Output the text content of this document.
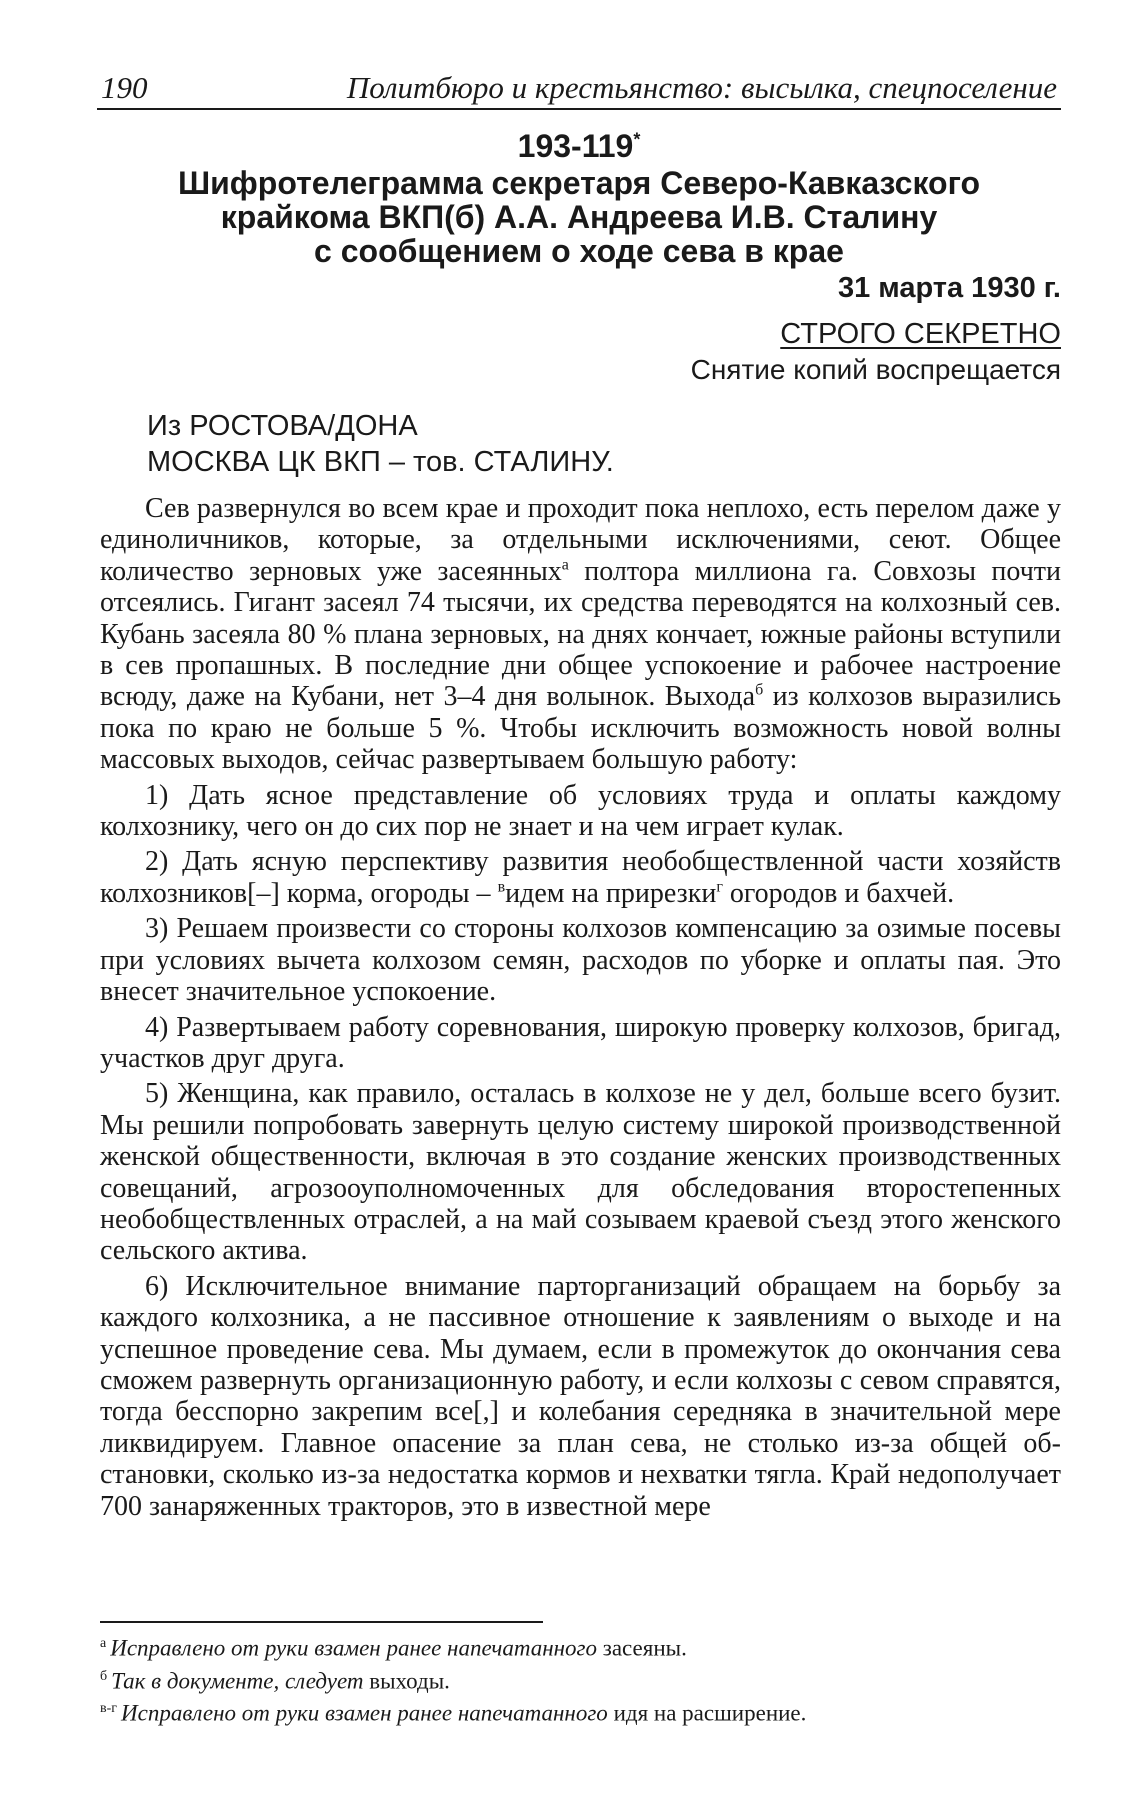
190	Политбюро и крестьянство: высылка, спецпоселение
193-119*
Шифротелеграмма секретаря Северо-Кавказского
крайкома ВКП(б) А.А. Андреева И.В. Сталину
с сообщением о ходе сева в крае
31 марта 1930 г.
СТРОГО СЕКРЕТНО
Снятие копий воспрещается
Из РОСТОВА/ДОНА
МОСКВА ЦК ВКП – тов. СТАЛИНУ.

Сев развернулся во всем крае и проходит пока неплохо, есть перелом даже у единоличников, которые, за отдельными исключениями, сеют. Общее количество зерновых уже засеянных$^а$ полтора миллиона га. Совхозы почти отсеялись. Гигант засеял 74 тысячи, их средства переводятся на колхозный сев. Кубань засеяла 80 % плана зерновых, на днях кончает, южные районы вступили в сев пропашных. В последние дни общее успокоение и рабочее настроение всюду, даже на Кубани, нет 3–4 дня волынок. Выхода$^б$ из колхозов выразились пока по краю не больше 5 %. Чтобы исключить возможность новой волны массовых выходов, сейчас развертываем большую работу:

1) Дать ясное представление об условиях труда и оплаты каждому колхознику, чего он до сих пор не знает и на чем играет кулак.

2) Дать ясную перспективу развития необобществленной части хозяйств колхозников[–] корма, огороды – $^в$идем на прирезки$^г$ огородов и бахчей.

3) Решаем произвести со стороны колхозов компенсацию за озимые посевы при условиях вычета колхозом семян, расходов по уборке и оплаты пая. Это внесет значительное успокоение.

4) Развертываем работу соревнования, широкую проверку колхозов, бригад, участков друг друга.

5) Женщина, как правило, осталась в колхозе не у дел, больше всего бузит. Мы решили попробовать завернуть целую систему широкой производственной женской общественности, включая в это создание женских производственных совещаний, агрозооуполномоченных для обследования второстепенных необобществленных отраслей, а на май созываем краевой съезд этого женского сельского актива.

6) Исключительное внимание парторганизаций обращаем на борьбу за каждого колхозника, а не пассивное отношение к заявлениям о выходе и на успешное проведение сева. Мы думаем, если в промежуток до окончания сева сможем развернуть организационную работу, и если колхозы с севом справятся, тогда бесспорно закрепим все[,] и колебания середняка в значительной мере ликвидируем. Главное опасение за план сева, не столько из-за общей обстановки, сколько из-за недостатка кормов и нехватки тягла. Край недополучает 700 занаряженных тракторов, это в известной мере

$^а$ Исправлено от руки взамен ранее напечатанного засеяны.
$^б$ Так в документе, следует выходы.
$^{в-г}$ Исправлено от руки взамен ранее напечатанного идя на расширение.
